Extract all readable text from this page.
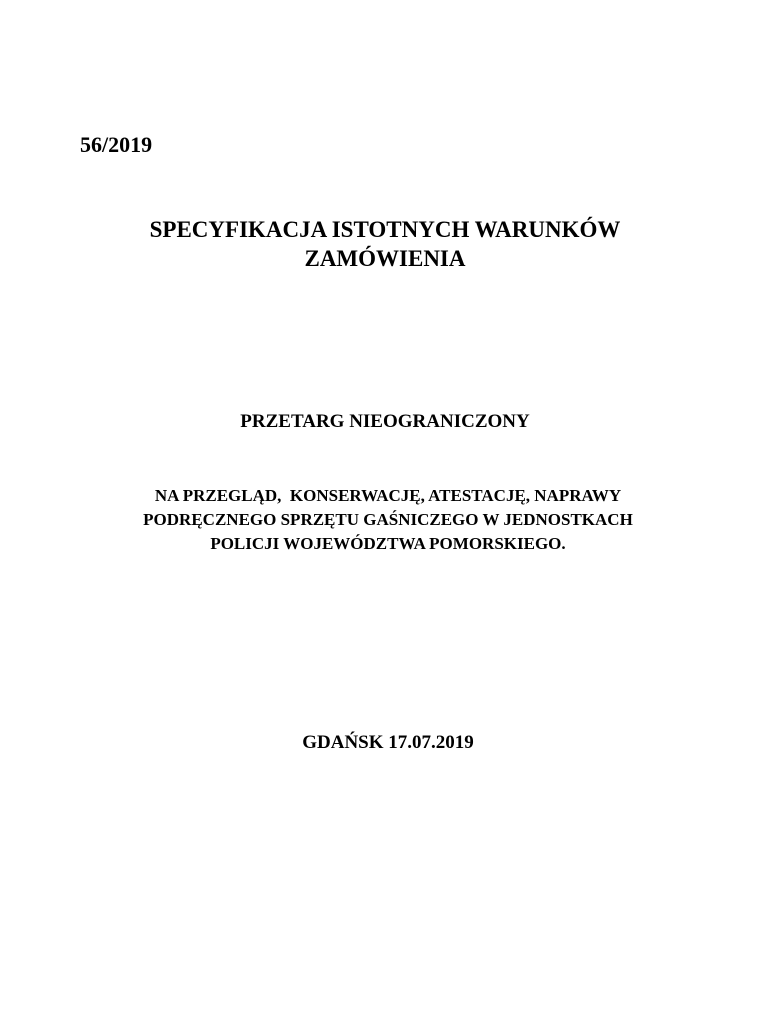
56/2019

SPECYFIKACJA ISTOTNYCH WARUNKÓW
ZAMÓWIENIA
PRZETARG NIEOGRANICZONY
NA PRZEGLĄD,  KONSERWACJĘ, ATESTACJĘ, NAPRAWY
PODRĘCZNEGO SPRZĘTU GAŚNICZEGO W JEDNOSTKACH
POLICJI WOJEWÓDZTWA POMORSKIEGO.

GDAŃSK 17.07.2019
